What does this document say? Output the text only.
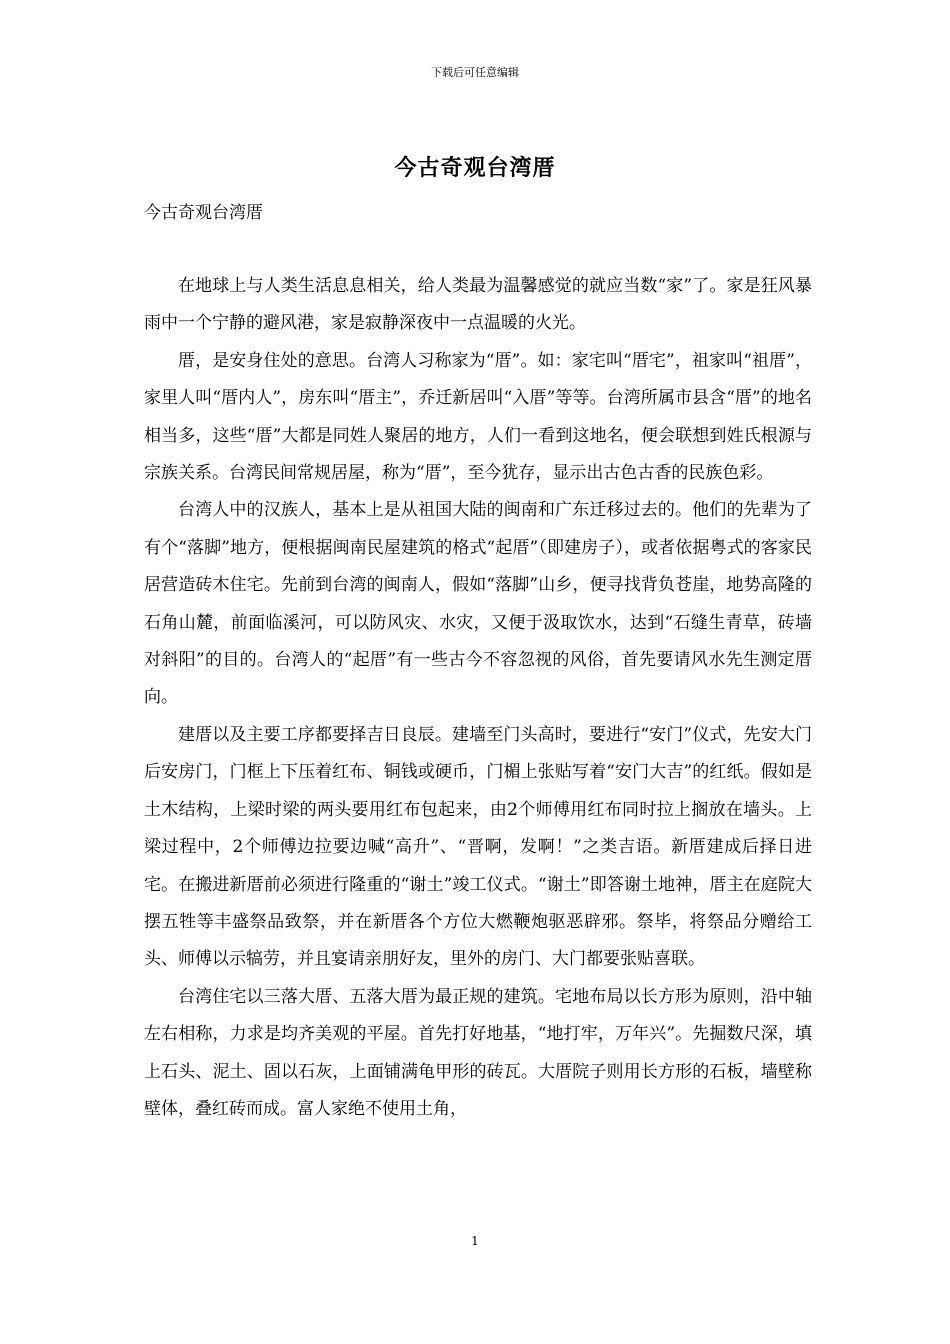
下载后可任意编辑
今古奇观台湾厝
今古奇观台湾厝

在地球上与人类生活息息相关，给人类最为温馨感觉的就应当数“家”了。家是狂风暴雨中一个宁静的避风港，家是寂静深夜中一点温暖的火光。

厝，是安身住处的意思。台湾人习称家为“厝”。如：家宅叫“厝宅”，祖家叫“祖厝”，家里人叫“厝内人”，房东叫“厝主”，乔迁新居叫“入厝”等等。台湾所属市县含“厝”的地名相当多，这些“厝”大都是同姓人聚居的地方，人们一看到这地名，便会联想到姓氏根源与宗族关系。台湾民间常规居屋，称为“厝”，至今犹存，显示出古色古香的民族色彩。

台湾人中的汉族人，基本上是从祖国大陆的闽南和广东迁移过去的。他们的先辈为了有个“落脚”地方，便根据闽南民屋建筑的格式“起厝”（即建房子），或者依据粤式的客家民居营造砖木住宅。先前到台湾的闽南人，假如“落脚”山乡，便寻找背负苍崖，地势高隆的石角山麓，前面临溪河，可以防风灾、水灾，又便于汲取饮水，达到“石缝生青草，砖墙对斜阳”的目的。台湾人的“起厝”有一些古今不容忽视的风俗，首先要请风水先生测定厝向。

建厝以及主要工序都要择吉日良辰。建墙至门头高时，要进行“安门”仪式，先安大门后安房门，门框上下压着红布、铜钱或硬币，门楣上张贴写着“安门大吉”的红纸。假如是土木结构，上梁时梁的两头要用红布包起来，由2个师傅用红布同时拉上搁放在墙头。上梁过程中，2个师傅边拉要边喊“高升”、“晋啊，发啊！”之类吉语。新厝建成后择日进宅。在搬进新厝前必须进行隆重的“谢土”竣工仪式。“谢土”即答谢土地神，厝主在庭院大摆五牲等丰盛祭品致祭，并在新厝各个方位大燃鞭炮驱恶辟邪。祭毕，将祭品分赠给工头、师傅以示犒劳，并且宴请亲朋好友，里外的房门、大门都要张贴喜联。

台湾住宅以三落大厝、五落大厝为最正规的建筑。宅地布局以长方形为原则，沿中轴左右相称，力求是均齐美观的平屋。首先打好地基，“地打牢，万年兴”。先掘数尺深，填上石头、泥土、固以石灰，上面铺满龟甲形的砖瓦。大厝院子则用长方形的石板，墙壁称壁体，叠红砖而成。富人家绝不使用土角，

1
